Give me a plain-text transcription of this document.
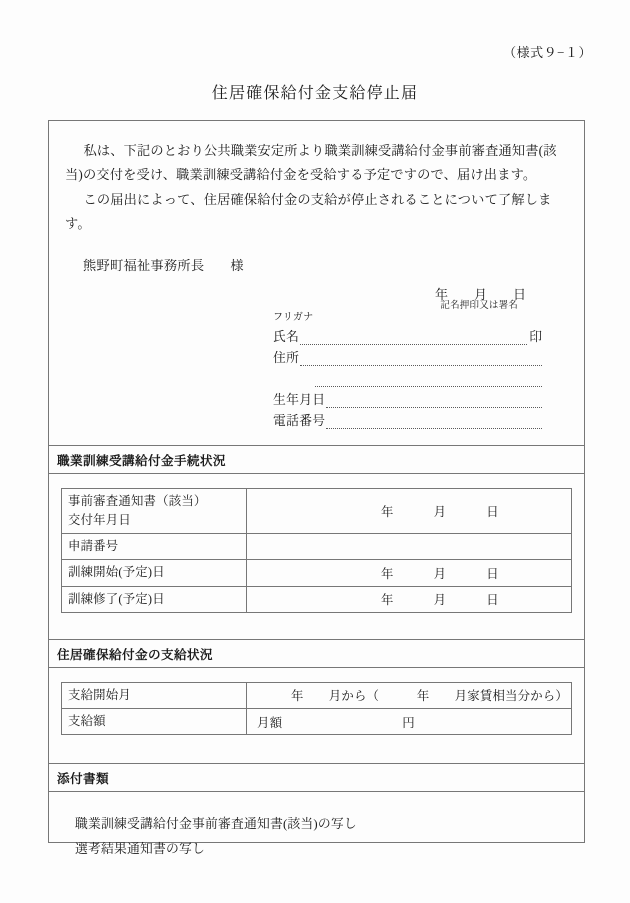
（様式９−１）
住居確保給付金支給停止届

私は、下記のとおり公共職業安定所より職業訓練受講給付金事前審査通知書(該当)の交付を受け、職業訓練受講給付金を受給する予定ですので、届け出ます。

この届出によって、住居確保給付金の支給が停止されることについて了解します。

熊野町福祉事務所長 様
年 月 日
記名押印又は署名
フリガナ
氏名	印
住所
生年月日
電話番号
職業訓練受講給付金手続状況
事前審査通知書（該当）
交付年月日	年 月 日
申請番号	
訓練開始(予定)日	年 月 日
訓練修了(予定)日	年 月 日
住居確保給付金の支給状況
支給開始月	年　　月から（　　　年　　月家賃相当分から）
支給額	月額 円
添付書類
職業訓練受講給付金事前審査通知書(該当)の写し
選考結果通知書の写し
